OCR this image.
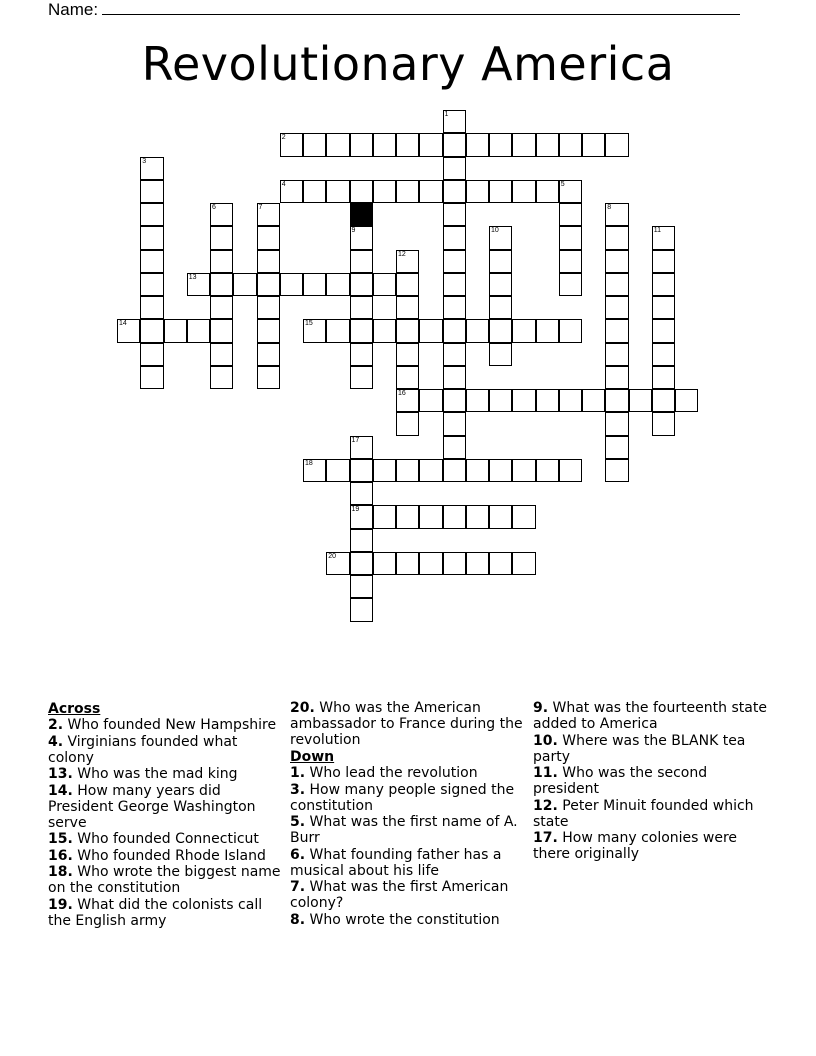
Name:
Revolutionary America
1
2
3
4	5
6	7	8
9	10	11
12
16
13
14	15
17
19
18
20
Across
2. Who founded New Hampshire
4. Virginians founded what colony
13. Who was the mad king
14. How many years did President George Washington serve
15. Who founded Connecticut
16. Who founded Rhode Island
18. Who wrote the biggest name on the constitution
19. What did the colonists call the English army
20. Who was the American ambassador to France during the revolution
Down
1. Who lead the revolution
3. How many people signed the constitution
5. What was the first name of A. Burr
6. What founding father has a musical about his life
7. What was the first American colony?
8. Who wrote the constitution
9. What was the fourteenth state added to America
10. Where was the BLANK tea party
11. Who was the second president
12. Peter Minuit founded which state
17. How many colonies were there originally
